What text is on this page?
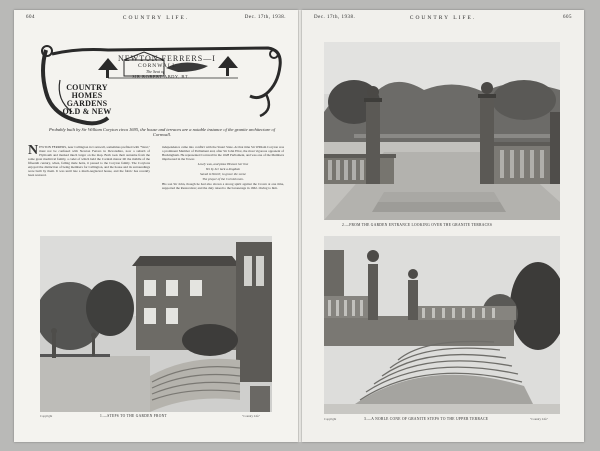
604	COUNTRY LIFE.	Dec. 17th, 1938.
COUNTRY
HOMES
GARDENS
OLD & NEW
NEWTON FERRERS—I
CORNWALL
The Seat of
SIR ROBERT ABDY, BT.
Probably built by Sir William Coryton circa 1695, the house and terraces are a notable instance of the granite architecture of Cornwall.
N EWTON FERRERS, near Callington in Cornwall, sometimes prefixed with "West," must not be confused with Newton Ferrers in Devonshire, now a suburb of Plymouth and marked much larger on the map. Both took their surname from the same great mediæval family, a cadet of which held the Cornish manor till the middle of the fifteenth century, when, failing male heirs, it passed to the Coryton family. The Corytons enjoyed the distinction of being members for Callington, and the house and its surroundings were built by them. It was until late a much-neglected house, and the fabric has recently been restored.
independence came into conflict with the Stuart State. At that time Sir William Coryton was a prominent Member of Parliament and, after Sir John Eliot, the most vigorous opponent of Buckingham. He represented Cornwall in the 1628 Parliament, and was one of the Members imprisoned in the Tower.
Lowly was, and pious Heaven her line
Yet by her lack a kingdom
Saved in Worth; to grace the scene
The prayer of the Cornish men.
His son Sir John, though he had also shown a strong spirit against the Crown at one time, supported the Restoration; and the duty raised to the baronetage in 1662. Owing to him.
Copyright	1.—STEPS TO THE GARDEN FRONT	"Country Life"
Dec. 17th, 1938.	COUNTRY LIFE.	605
2.—FROM THE GARDEN ENTRANCE LOOKING OVER THE GRANITE TERRACES
Copyright	3.—A NOBLE CONE OF GRANITE STEPS TO THE UPPER TERRACE	"Country Life"
